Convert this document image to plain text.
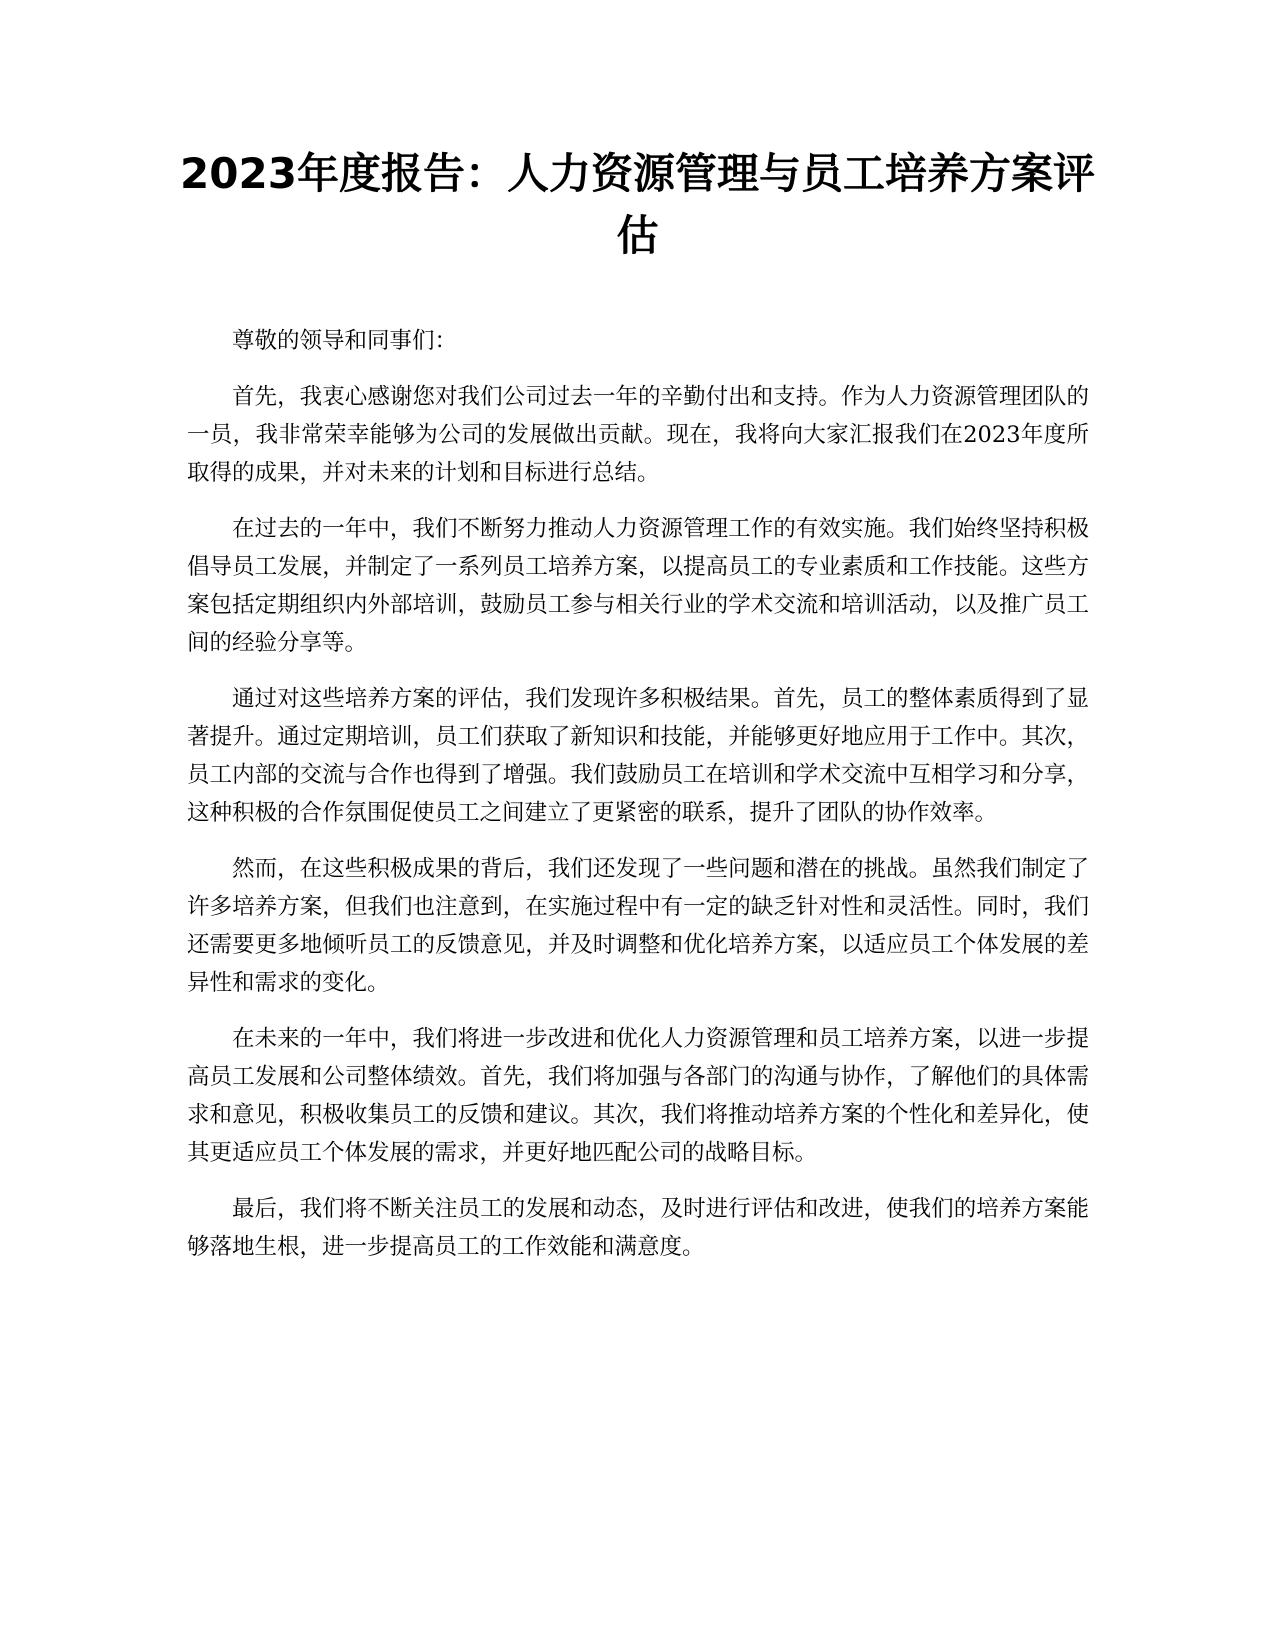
2023年度报告：人力资源管理与员工培养方案评估

尊敬的领导和同事们：

首先，我衷心感谢您对我们公司过去一年的辛勤付出和支持。作为人力资源管理团队的一员，我非常荣幸能够为公司的发展做出贡献。现在，我将向大家汇报我们在2023年度所取得的成果，并对未来的计划和目标进行总结。

在过去的一年中，我们不断努力推动人力资源管理工作的有效实施。我们始终坚持积极倡导员工发展，并制定了一系列员工培养方案，以提高员工的专业素质和工作技能。这些方案包括定期组织内外部培训，鼓励员工参与相关行业的学术交流和培训活动，以及推广员工间的经验分享等。

通过对这些培养方案的评估，我们发现许多积极结果。首先，员工的整体素质得到了显著提升。通过定期培训，员工们获取了新知识和技能，并能够更好地应用于工作中。其次，员工内部的交流与合作也得到了增强。我们鼓励员工在培训和学术交流中互相学习和分享，这种积极的合作氛围促使员工之间建立了更紧密的联系，提升了团队的协作效率。

然而，在这些积极成果的背后，我们还发现了一些问题和潜在的挑战。虽然我们制定了许多培养方案，但我们也注意到，在实施过程中有一定的缺乏针对性和灵活性。同时，我们还需要更多地倾听员工的反馈意见，并及时调整和优化培养方案，以适应员工个体发展的差异性和需求的变化。

在未来的一年中，我们将进一步改进和优化人力资源管理和员工培养方案，以进一步提高员工发展和公司整体绩效。首先，我们将加强与各部门的沟通与协作，了解他们的具体需求和意见，积极收集员工的反馈和建议。其次，我们将推动培养方案的个性化和差异化，使其更适应员工个体发展的需求，并更好地匹配公司的战略目标。

最后，我们将不断关注员工的发展和动态，及时进行评估和改进，使我们的培养方案能够落地生根，进一步提高员工的工作效能和满意度。
